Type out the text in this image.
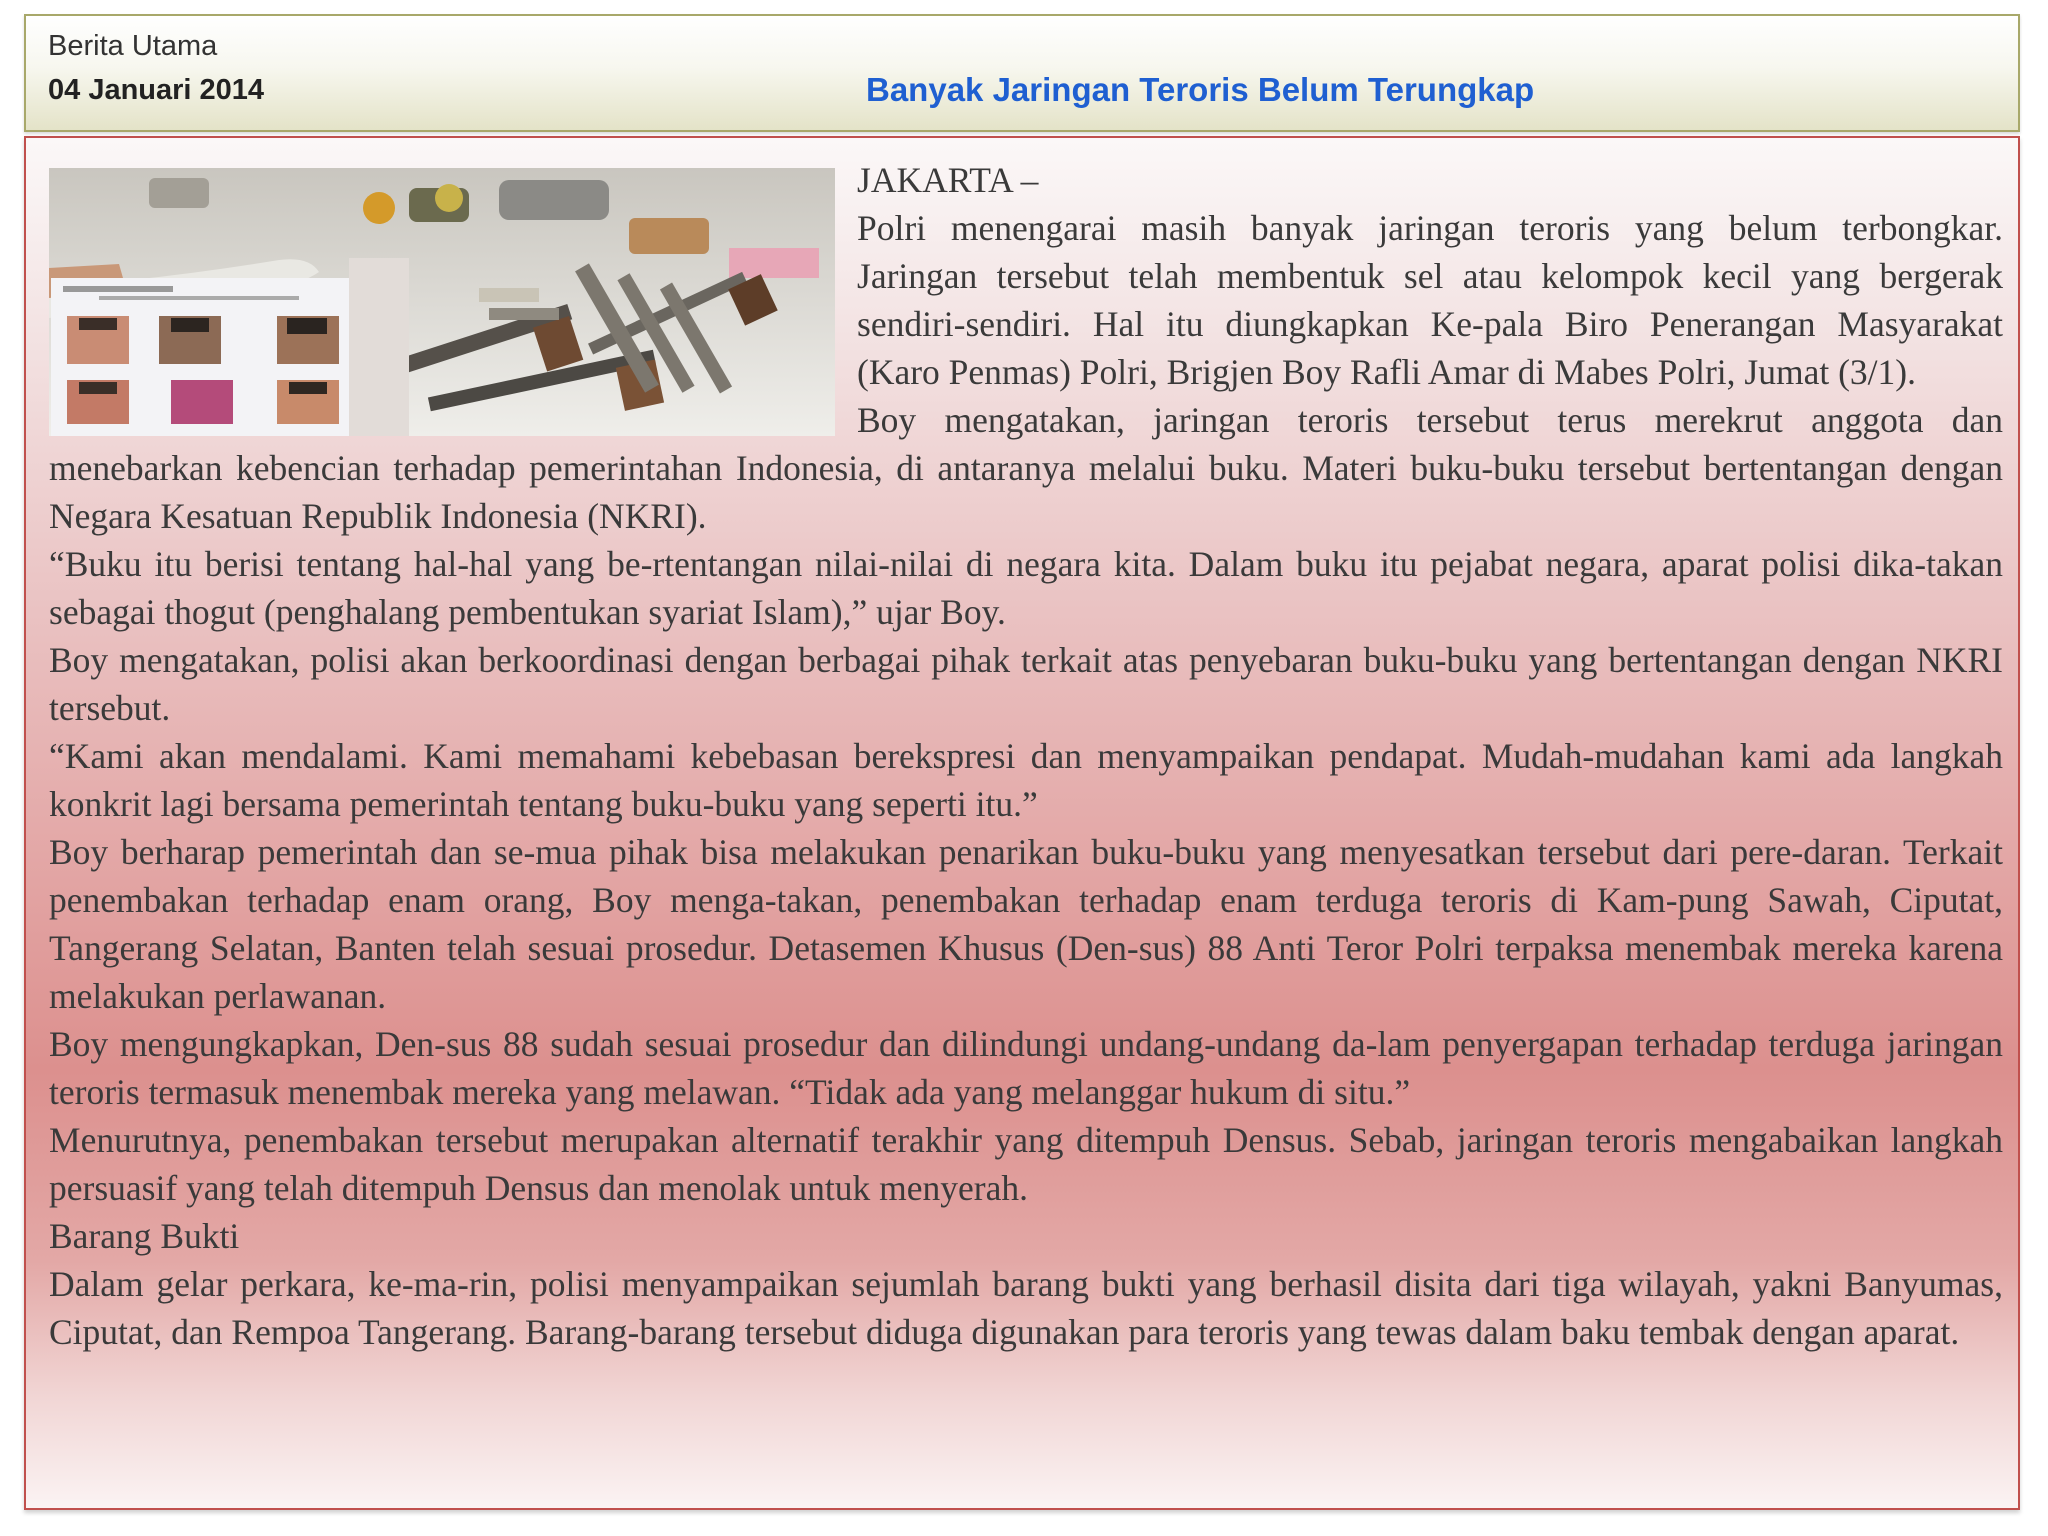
Berita Utama
04 Januari 2014	Banyak Jaringan Teroris Belum Terungkap

JAKARTA –

Polri menengarai masih banyak jaringan teroris yang belum terbongkar. Jaringan tersebut telah membentuk sel atau kelompok kecil yang bergerak sendiri-sendiri. Hal itu diungkapkan Ke-pala Biro Penerangan Masyarakat (Karo Penmas) Polri, Brigjen Boy Rafli Amar di Mabes Polri, Jumat (3/1).

Boy mengatakan, jaringan teroris tersebut terus merekrut anggota dan menebarkan kebencian terhadap pemerintahan Indonesia, di antaranya melalui buku. Materi buku-buku tersebut bertentangan dengan Negara Kesatuan Republik Indonesia (NKRI).

“Buku itu berisi tentang hal-hal yang be-rtentangan nilai-nilai di negara kita. Dalam buku itu pejabat negara, aparat polisi dika-takan sebagai thogut (penghalang pembentukan syariat Islam),” ujar Boy.

Boy mengatakan, polisi akan berkoordinasi dengan berbagai pihak terkait atas penyebaran buku-buku yang bertentangan dengan NKRI tersebut.

“Kami akan mendalami. Kami memahami kebebasan berekspresi dan menyampaikan pendapat. Mudah-mudahan kami ada langkah konkrit lagi bersama pemerintah tentang buku-buku yang seperti itu.”

Boy berharap pemerintah dan se-mua pihak bisa melakukan penarikan buku-buku yang menyesatkan tersebut dari pere-daran. Terkait penembakan terhadap enam orang, Boy menga-takan, penembakan terhadap enam terduga teroris di Kam-pung Sawah, Ciputat, Tangerang Selatan, Banten telah sesuai prosedur. Detasemen Khusus (Den-sus) 88 Anti Teror Polri terpaksa menembak mereka karena melakukan perlawanan.

Boy mengungkapkan, Den-sus 88 sudah sesuai prosedur dan dilindungi undang-undang da-lam penyergapan terhadap terduga jaringan teroris termasuk menembak mereka yang melawan. “Tidak ada yang melanggar hukum di situ.”

Menurutnya, penembakan tersebut merupakan alternatif terakhir yang ditempuh Densus. Sebab, jaringan teroris mengabaikan langkah persuasif yang telah ditempuh Densus dan menolak untuk menyerah.

Barang Bukti

Dalam gelar perkara, ke-ma-rin, polisi menyampaikan sejumlah barang bukti yang berhasil disita dari tiga wilayah, yakni Banyumas, Ciputat, dan Rempoa Tangerang. Barang-barang tersebut diduga digunakan para teroris yang tewas dalam baku tembak dengan aparat.
